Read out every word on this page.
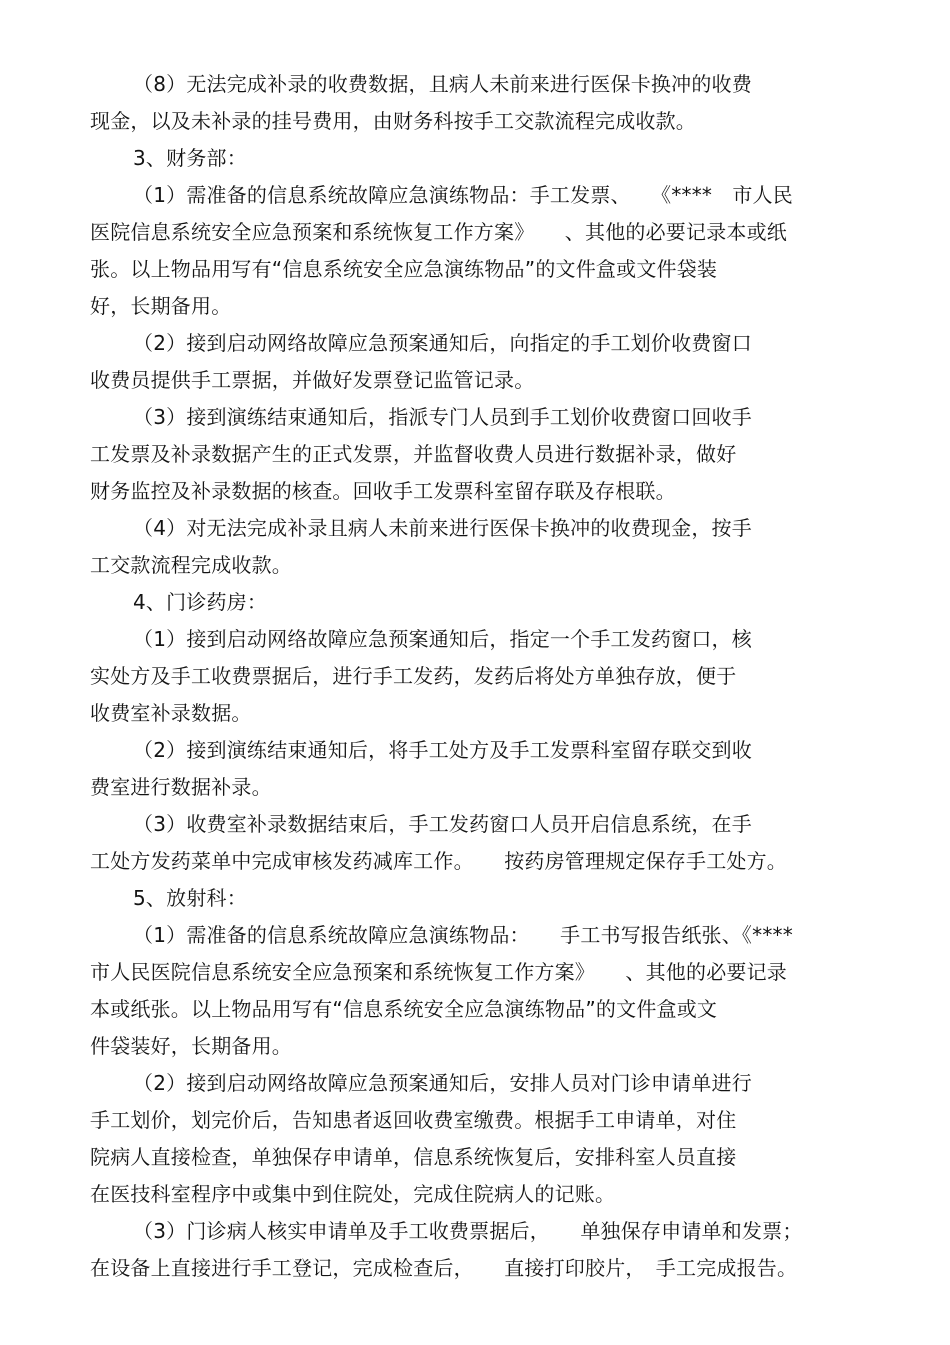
（8）无法完成补录的收费数据，且病人未前来进行医保卡换冲的收费
现金，以及未补录的挂号费用，由财务科按手工交款流程完成收款。
3、财务部：
（1）需准备的信息系统故障应急演练物品：手工发票、　　《****　市人民
医院信息系统安全应急预案和系统恢复工作方案》　　、其他的必要记录本或纸
张。以上物品用写有“信息系统安全应急演练物品”的文件盒或文件袋装
好，长期备用。
（2）接到启动网络故障应急预案通知后，向指定的手工划价收费窗口
收费员提供手工票据，并做好发票登记监管记录。
（3）接到演练结束通知后，指派专门人员到手工划价收费窗口回收手
工发票及补录数据产生的正式发票，并监督收费人员进行数据补录，做好
财务监控及补录数据的核查。回收手工发票科室留存联及存根联。
（4）对无法完成补录且病人未前来进行医保卡换冲的收费现金，按手
工交款流程完成收款。
4、门诊药房：
（1）接到启动网络故障应急预案通知后，指定一个手工发药窗口，核
实处方及手工收费票据后，进行手工发药，发药后将处方单独存放，便于
收费室补录数据。
（2）接到演练结束通知后，将手工处方及手工发票科室留存联交到收
费室进行数据补录。
（3）收费室补录数据结束后，手工发药窗口人员开启信息系统，在手
工处方发药菜单中完成审核发药减库工作。　　按药房管理规定保存手工处方。
5、放射科：
（1）需准备的信息系统故障应急演练物品：　　手工书写报告纸张、《****
市人民医院信息系统安全应急预案和系统恢复工作方案》　　、其他的必要记录
本或纸张。以上物品用写有“信息系统安全应急演练物品”的文件盒或文
件袋装好，长期备用。
（2）接到启动网络故障应急预案通知后，安排人员对门诊申请单进行
手工划价，划完价后，告知患者返回收费室缴费。根据手工申请单，对住
院病人直接检查，单独保存申请单，信息系统恢复后，安排科室人员直接
在医技科室程序中或集中到住院处，完成住院病人的记账。
（3）门诊病人核实申请单及手工收费票据后，　　单独保存申请单和发票；
在设备上直接进行手工登记，完成检查后，　　直接打印胶片，　手工完成报告。
